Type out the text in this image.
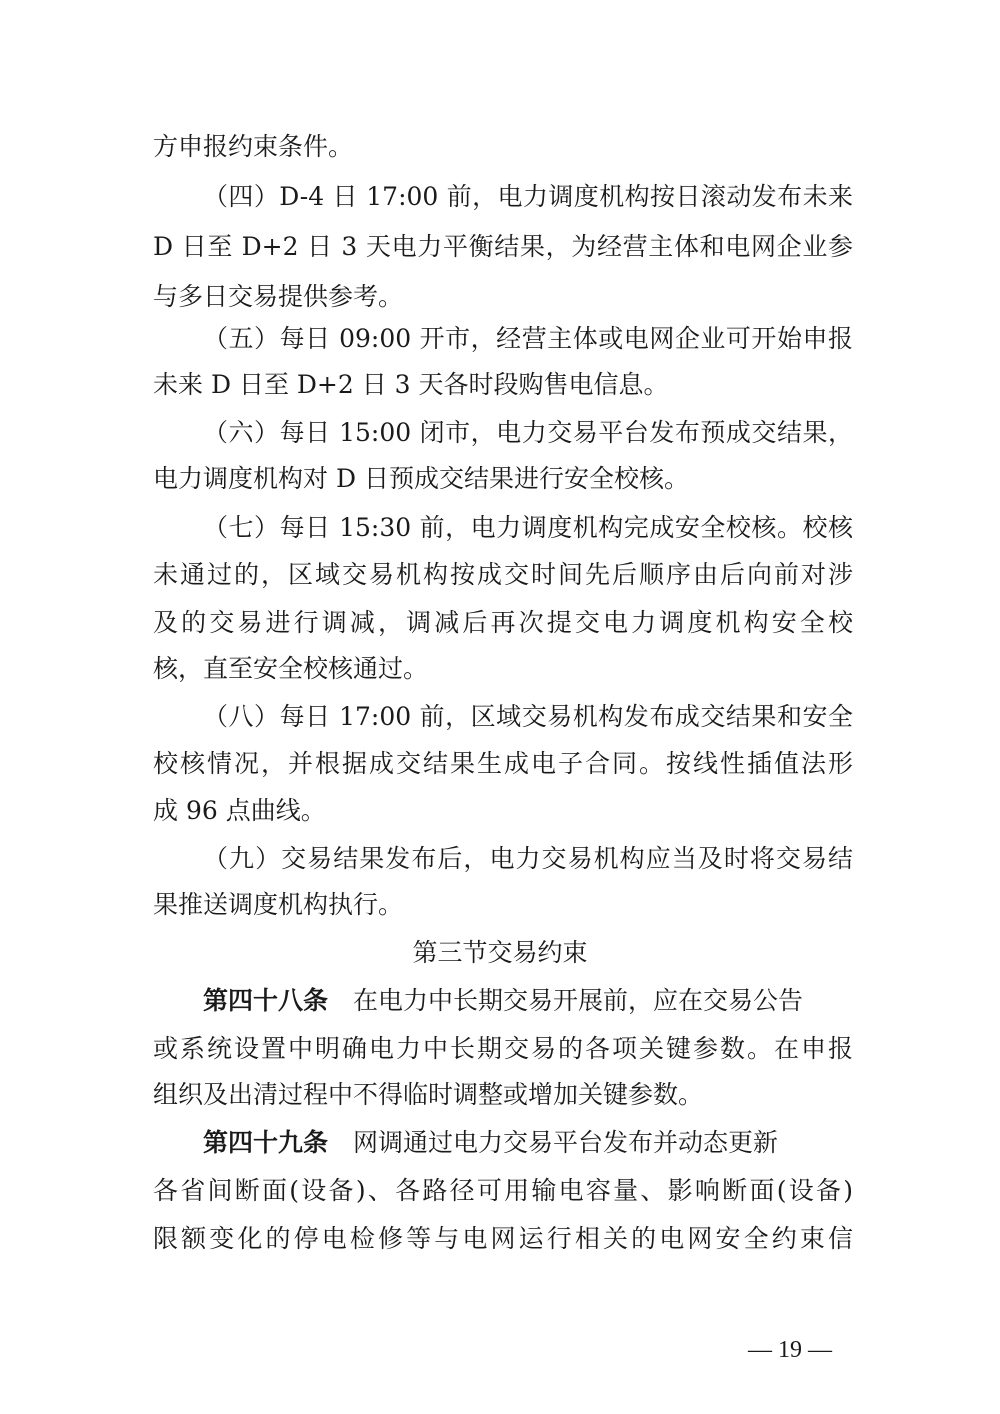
方申报约束条件。
（四）D-4 日 17:00 前，电力调度机构按日滚动发布未来
D 日至 D+2 日 3 天电力平衡结果，为经营主体和电网企业参
与多日交易提供参考。
（五）每日 09:00 开市，经营主体或电网企业可开始申报
未来 D 日至 D+2 日 3 天各时段购售电信息。
（六）每日 15:00 闭市，电力交易平台发布预成交结果，
电力调度机构对 D 日预成交结果进行安全校核。
（七）每日 15:30 前，电力调度机构完成安全校核。校核
未通过的，区域交易机构按成交时间先后顺序由后向前对涉
及的交易进行调减，调减后再次提交电力调度机构安全校
核，直至安全校核通过。
（八）每日 17:00 前，区域交易机构发布成交结果和安全
校核情况，并根据成交结果生成电子合同。按线性插值法形
成 96 点曲线。
（九）交易结果发布后，电力交易机构应当及时将交易结
果推送调度机构执行。
第三节交易约束
第四十八条　 在电力中长期交易开展前，应在交易公告
或系统设置中明确电力中长期交易的各项关键参数。在申报
组织及出清过程中不得临时调整或增加关键参数。
第四十九条　 网调通过电力交易平台发布并动态更新
各省间断面(设备)、各路径可用输电容量、影响断面(设备)
限额变化的停电检修等与电网运行相关的电网安全约束信
— 19 —
